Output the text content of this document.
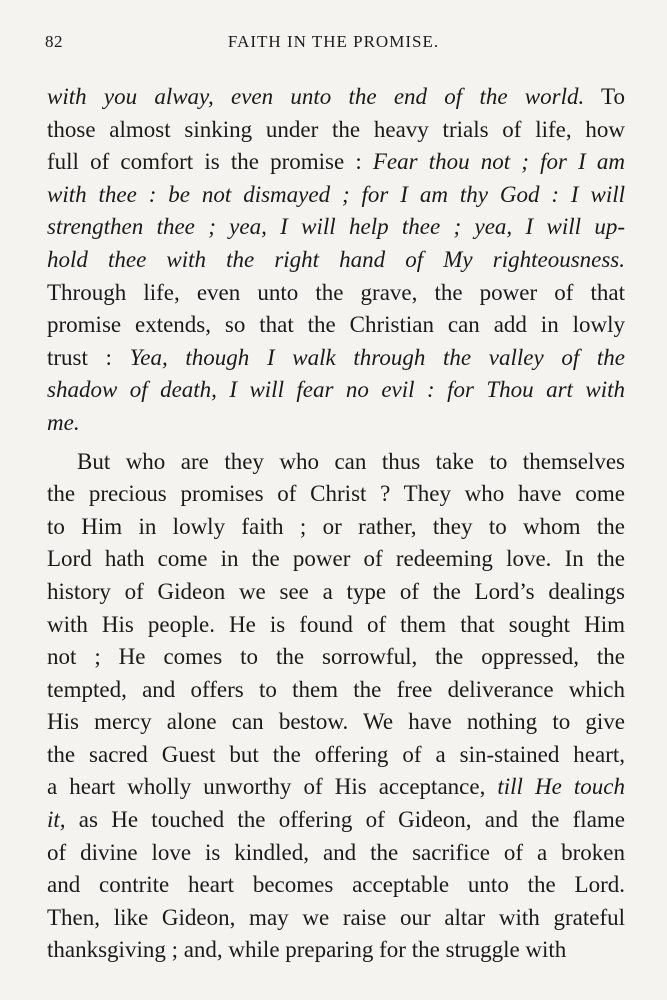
82	FAITH IN THE PROMISE.
with you alway, even unto the end of the world. To
those almost sinking under the heavy trials of life, how
full of comfort is the promise : Fear thou not ; for I am
with thee : be not dismayed ; for I am thy God : I will
strengthen thee ; yea, I will help thee ; yea, I will up-
hold thee with the right hand of My righteousness.
Through life, even unto the grave, the power of that
promise extends, so that the Christian can add in lowly
trust : Yea, though I walk through the valley of the
shadow of death, I will fear no evil : for Thou art with
me.
But who are they who can thus take to themselves
the precious promises of Christ ? They who have come
to Him in lowly faith ; or rather, they to whom the
Lord hath come in the power of redeeming love. In the
history of Gideon we see a type of the Lord’s dealings
with His people. He is found of them that sought Him
not ; He comes to the sorrowful, the oppressed, the
tempted, and offers to them the free deliverance which
His mercy alone can bestow. We have nothing to give
the sacred Guest but the offering of a sin-stained heart,
a heart wholly unworthy of His acceptance, till He touch
it, as He touched the offering of Gideon, and the flame
of divine love is kindled, and the sacrifice of a broken
and contrite heart becomes acceptable unto the Lord.
Then, like Gideon, may we raise our altar with grateful
thanksgiving ; and, while preparing for the struggle with
